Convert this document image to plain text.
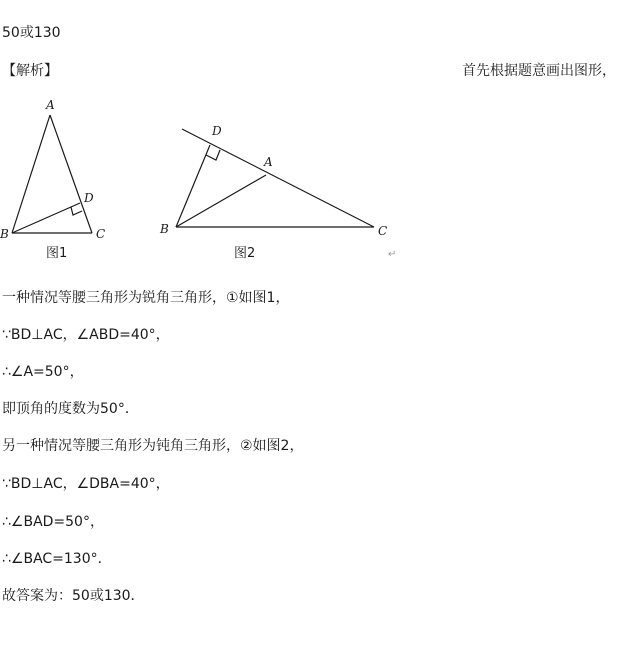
50或130
【解析】	首先根据题意画出图形，
A
B	C
D
图1
D
A
B	C
图2	↵
一种情况等腰三角形为锐角三角形，①如图1，
∵BD⊥AC，∠ABD=40°，
∴∠A=50°，
即顶角的度数为50°．
另一种情况等腰三角形为钝角三角形，②如图2，
∵BD⊥AC，∠DBA=40°，
∴∠BAD=50°，
∴∠BAC=130°．
故答案为：50或130．
